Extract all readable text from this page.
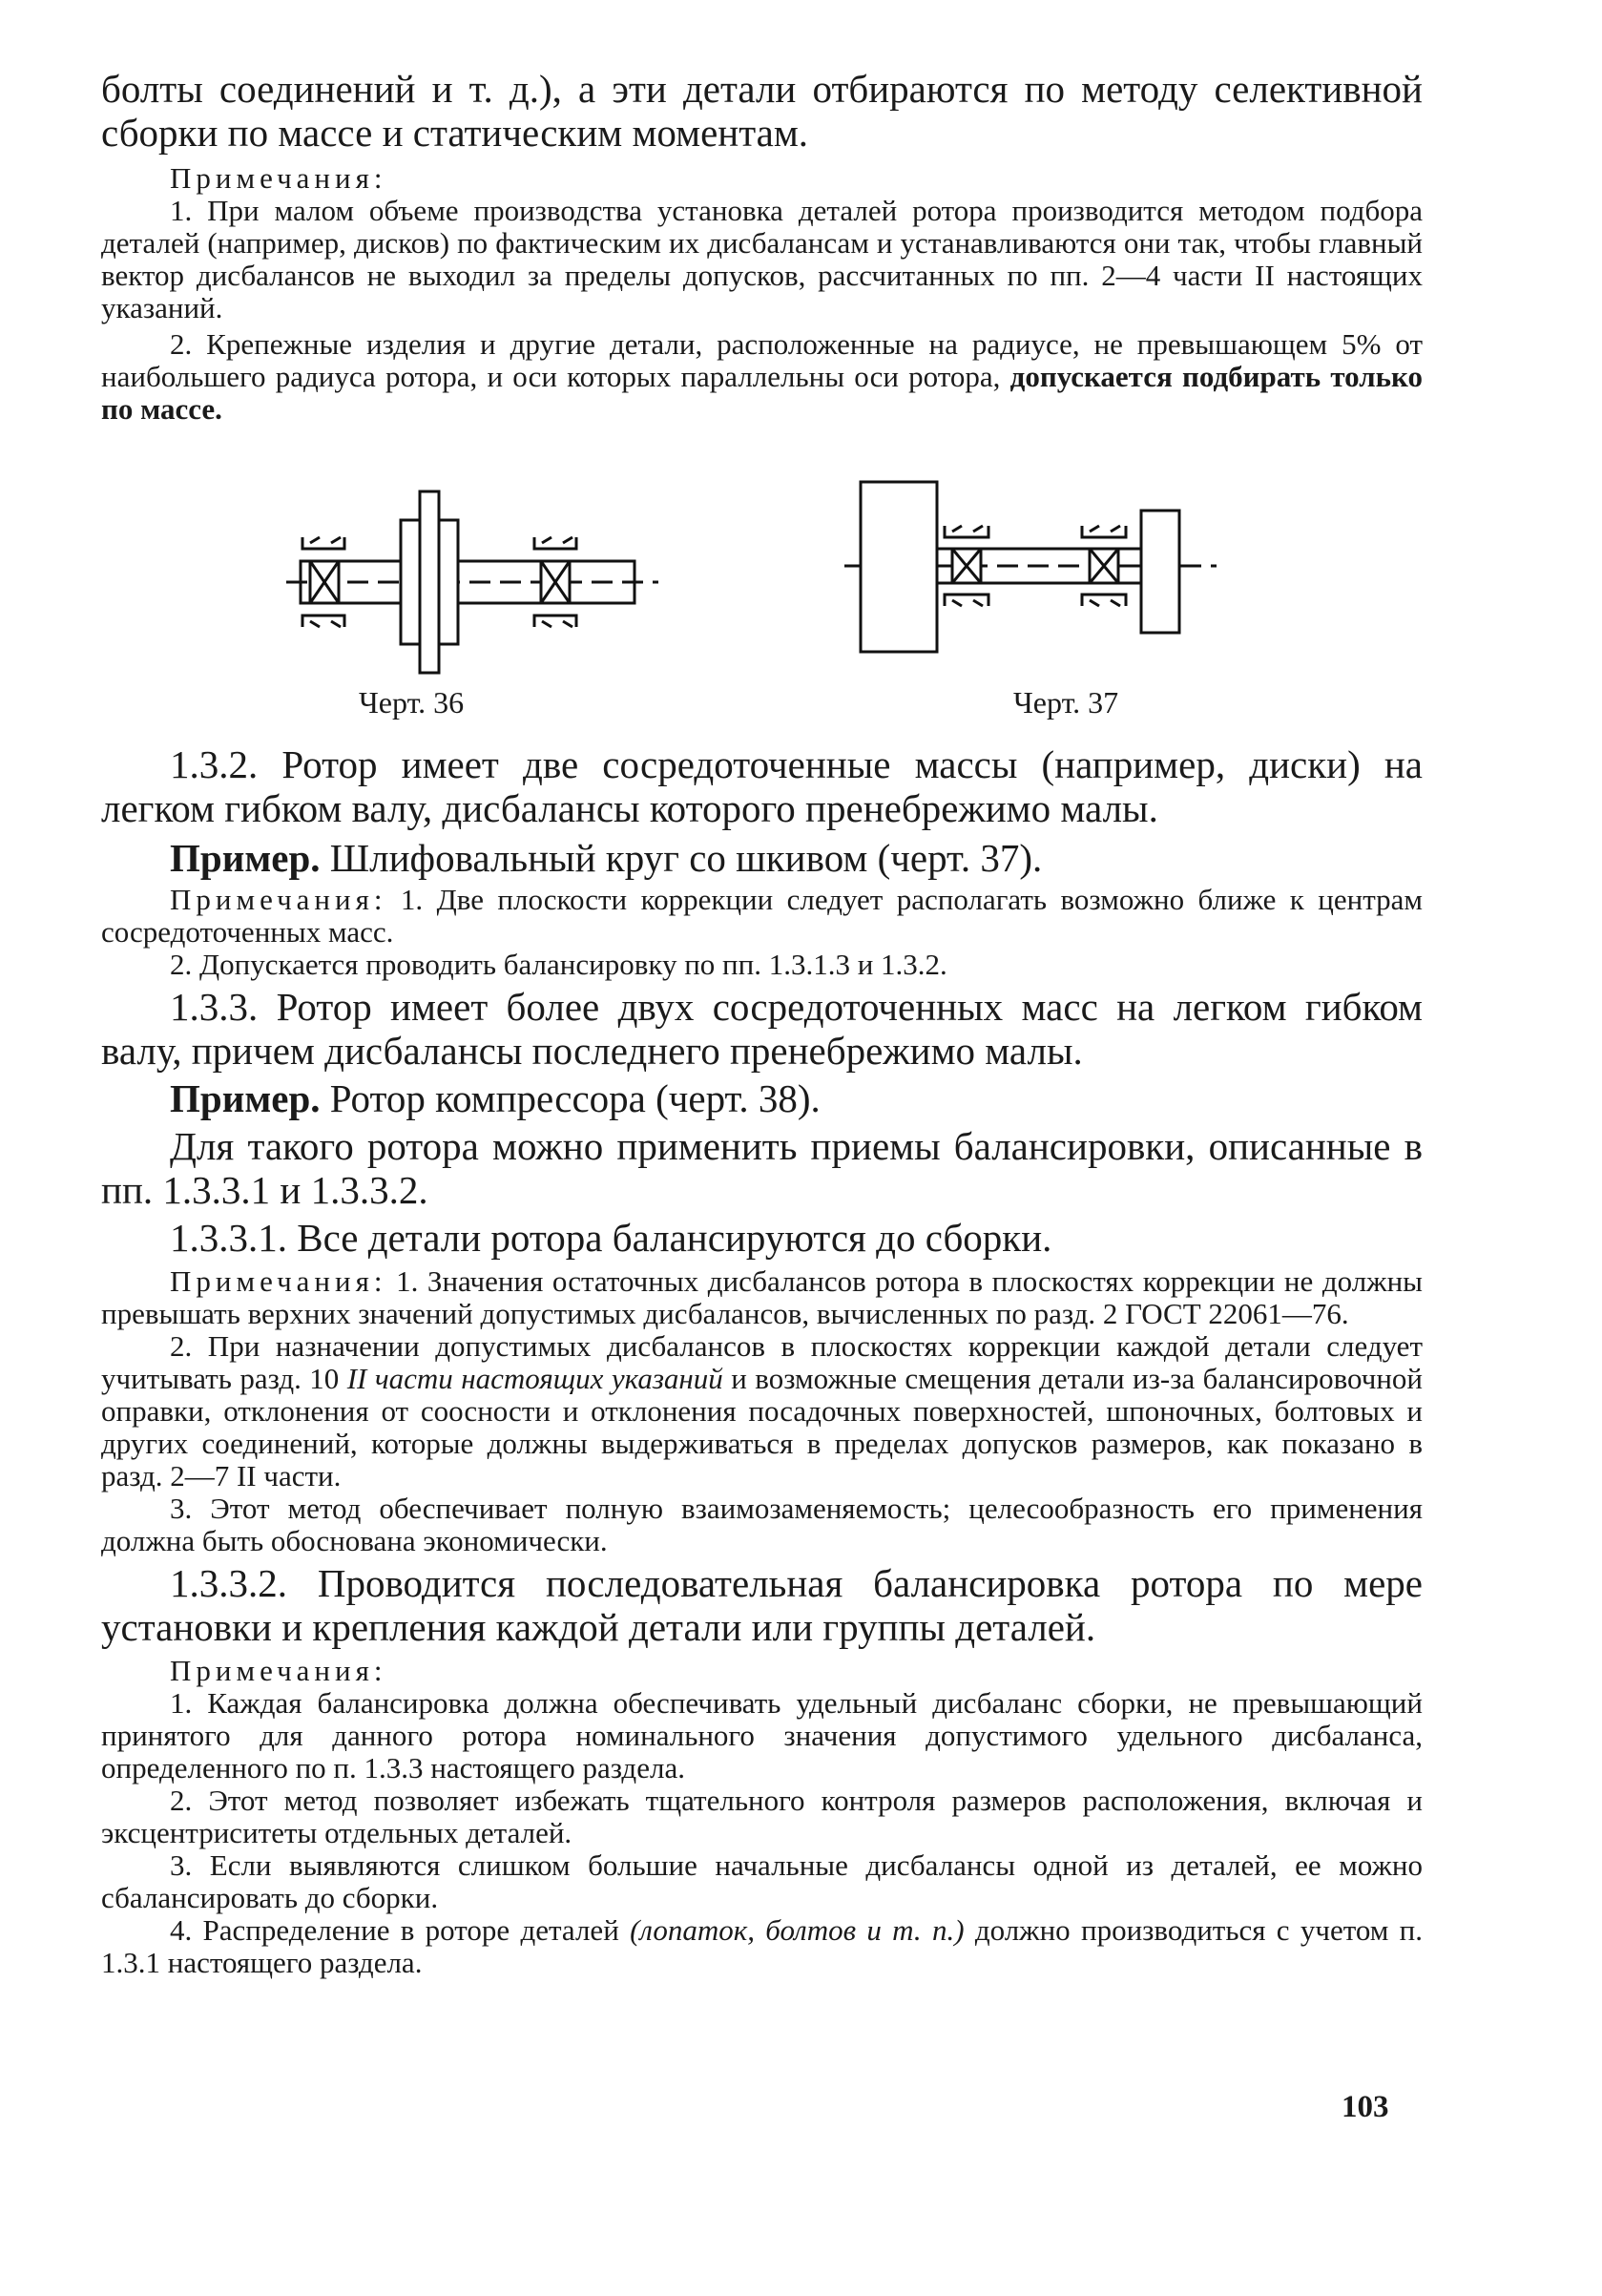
болты соединений и т. д.), а эти детали отбираются по методу селективной сборки по массе и статическим моментам.

Примечания:

1. При малом объеме производства установка деталей ротора производится методом подбора деталей (например, дисков) по фактическим их дисбалансам и устанавливаются они так, чтобы главный вектор дисбалансов не выходил за пределы допусков, рассчитанных по пп. 2—4 части II настоящих указаний.

2. Крепежные изделия и другие детали, расположенные на радиусе, не превышающем 5% от наибольшего радиуса ротора, и оси которых параллельны оси ротора, допускается подбирать только по массе.

Черт. 36	Черт. 37

1.3.2. Ротор имеет две сосредоточенные массы (например, диски) на легком гибком валу, дисбалансы которого пренебрежимо малы.

Пример. Шлифовальный круг со шкивом (черт. 37).

Примечания: 1. Две плоскости коррекции следует располагать возможно ближе к центрам сосредоточенных масс.

2. Допускается проводить балансировку по пп. 1.3.1.3 и 1.3.2.

1.3.3. Ротор имеет более двух сосредоточенных масс на легком гибком валу, причем дисбалансы последнего пренебрежимо малы.

Пример. Ротор компрессора (черт. 38).

Для такого ротора можно применить приемы балансировки, описанные в пп. 1.3.3.1 и 1.3.3.2.

1.3.3.1. Все детали ротора балансируются до сборки.

Примечания: 1. Значения остаточных дисбалансов ротора в плоскостях коррекции не должны превышать верхних значений допустимых дисбалансов, вычисленных по разд. 2 ГОСТ 22061—76.

2. При назначении допустимых дисбалансов в плоскостях коррекции каждой детали следует учитывать разд. 10 II части настоящих указаний и возможные смещения детали из-за балансировочной оправки, отклонения от соосности и отклонения посадочных поверхностей, шпоночных, болтовых и других соединений, которые должны выдерживаться в пределах допусков размеров, как показано в разд. 2—7 II части.

3. Этот метод обеспечивает полную взаимозаменяемость; целесообразность его применения должна быть обоснована экономически.

1.3.3.2. Проводится последовательная балансировка ротора по мере установки и крепления каждой детали или группы деталей.

Примечания:

1. Каждая балансировка должна обеспечивать удельный дисбаланс сборки, не превышающий принятого для данного ротора номинального значения допустимого удельного дисбаланса, определенного по п. 1.3.3 настоящего раздела.

2. Этот метод позволяет избежать тщательного контроля размеров расположения, включая и эксцентриситеты отдельных деталей.

3. Если выявляются слишком большие начальные дисбалансы одной из деталей, ее можно сбалансировать до сборки.

4. Распределение в роторе деталей (лопаток, болтов и т. п.) должно производиться с учетом п. 1.3.1 настоящего раздела.

103
